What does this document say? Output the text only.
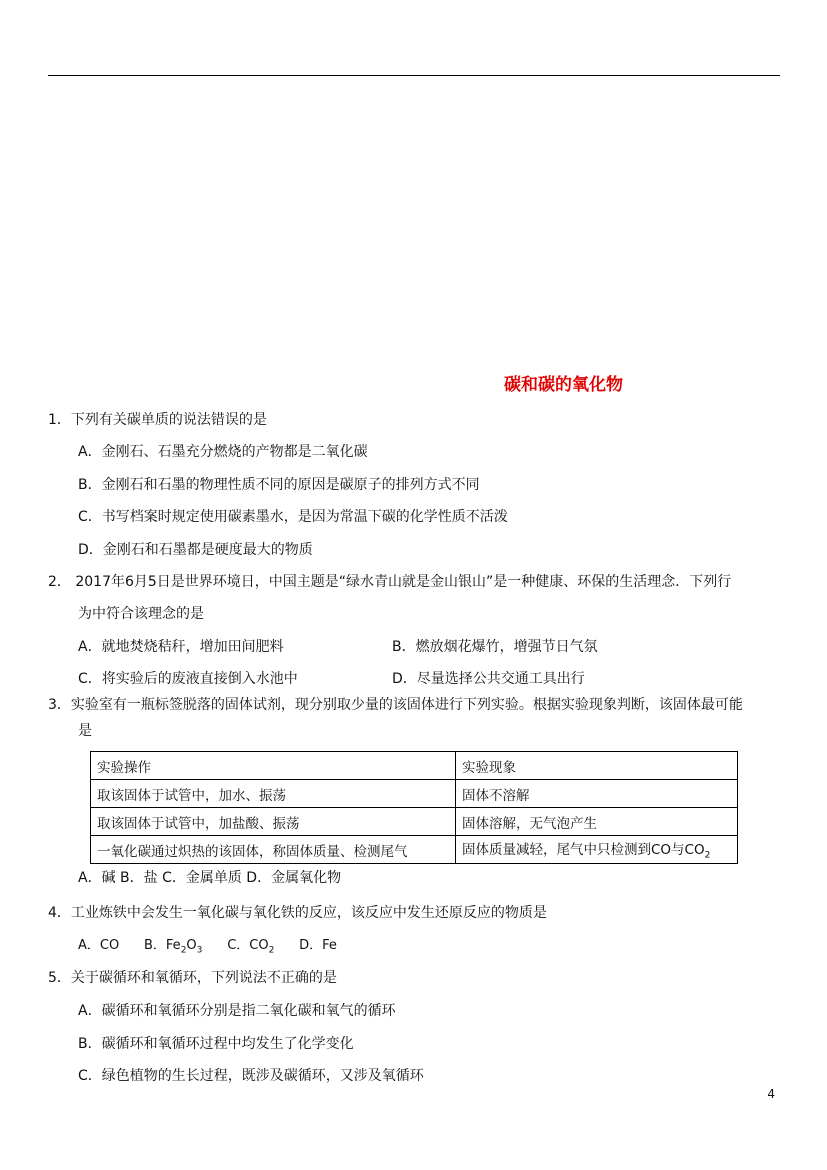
碳和碳的氧化物
1．下列有关碳单质的说法错误的是
A．金刚石、石墨充分燃烧的产物都是二氧化碳
B．金刚石和石墨的物理性质不同的原因是碳原子的排列方式不同
C．书写档案时规定使用碳素墨水，是因为常温下碳的化学性质不活泼
D．金刚石和石墨都是硬度最大的物质
2． 2017年6月5日是世界环境日，中国主题是“绿水青山就是金山银山”是一种健康、环保的生活理念．下列行
为中符合该理念的是
A．就地焚烧秸秆，增加田间肥料	B．燃放烟花爆竹，增强节日气氛
C．将实验后的废液直接倒入水池中	D．尽量选择公共交通工具出行
3．实验室有一瓶标签脱落的固体试剂，现分别取少量的该固体进行下列实验。根据实验现象判断，该固体最可能
是
实验操作	实验现象
取该固体于试管中，加水、振荡	固体不溶解
取该固体于试管中，加盐酸、振荡	固体溶解，无气泡产生
一氧化碳通过炽热的该固体，称固体质量、检测尾气	固体质量减轻，尾气中只检测到CO与$CO_2$
A．碱 B．盐 C．金属单质 D．金属氧化物
4．工业炼铁中会发生一氧化碳与氧化铁的反应，该反应中发生还原反应的物质是
A．CO B．$Fe_2O_3$ C．$CO_2$ D．Fe
5．关于碳循环和氧循环，下列说法不正确的是
A．碳循环和氧循环分别是指二氧化碳和氧气的循环
B．碳循环和氧循环过程中均发生了化学变化
C．绿色植物的生长过程，既涉及碳循环，又涉及氧循环
4
